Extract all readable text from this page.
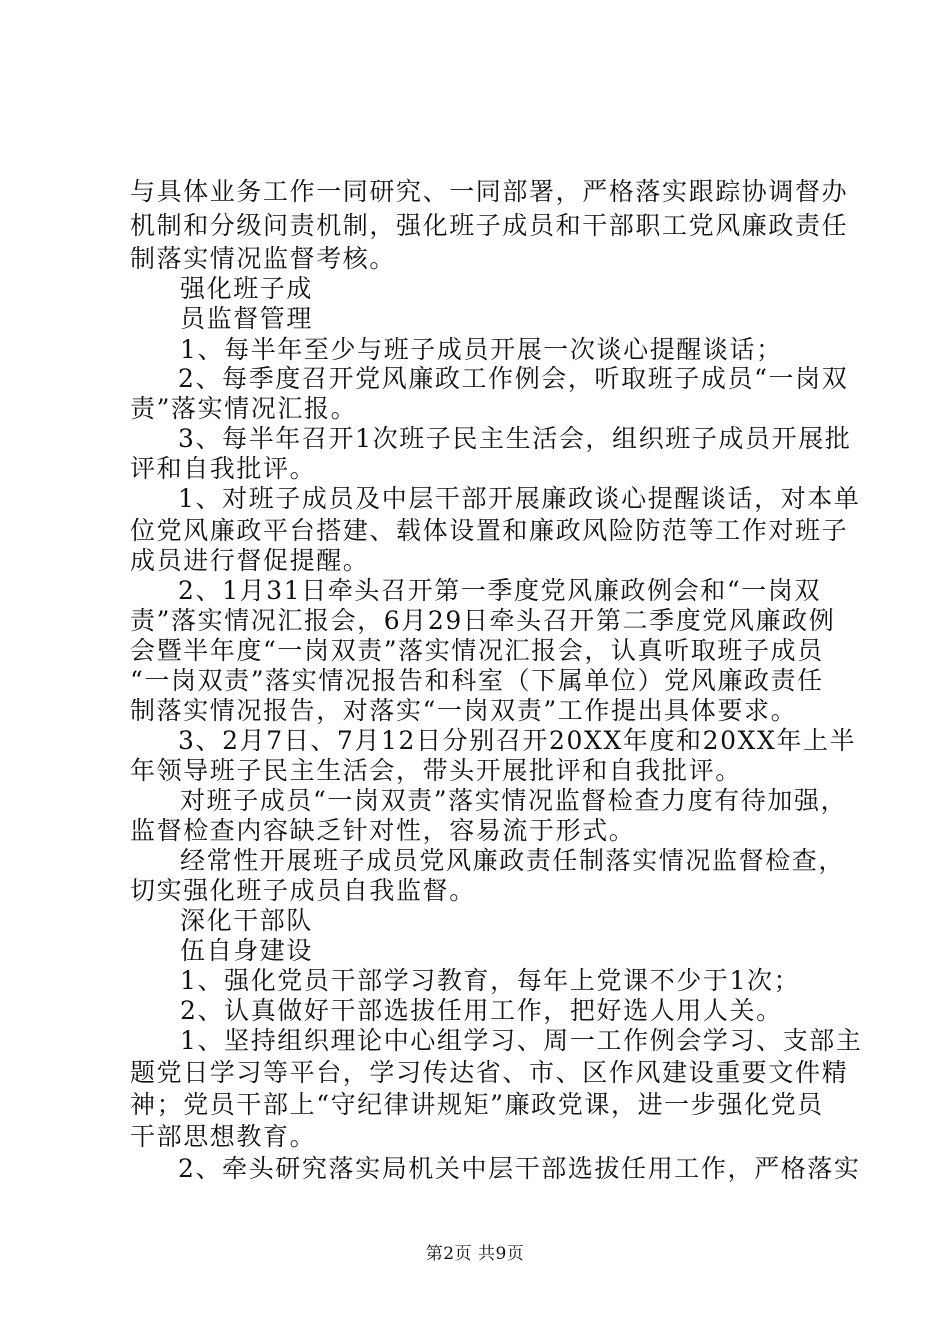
与具体业务工作一同研究、一同部署，严格落实跟踪协调督办
机制和分级问责机制，强化班子成员和干部职工党风廉政责任
制落实情况监督考核。
强化班子成
员监督管理
1、每半年至少与班子成员开展一次谈心提醒谈话；
2、每季度召开党风廉政工作例会，听取班子成员“一岗双
责”落实情况汇报。
3、每半年召开1次班子民主生活会，组织班子成员开展批
评和自我批评。
1、对班子成员及中层干部开展廉政谈心提醒谈话，对本单
位党风廉政平台搭建、载体设置和廉政风险防范等工作对班子
成员进行督促提醒。
2、1月31日牵头召开第一季度党风廉政例会和“一岗双
责”落实情况汇报会，6月29日牵头召开第二季度党风廉政例
会暨半年度“一岗双责”落实情况汇报会，认真听取班子成员
“一岗双责”落实情况报告和科室（下属单位）党风廉政责任
制落实情况报告，对落实“一岗双责”工作提出具体要求。
3、2月7日、7月12日分别召开20XX年度和20XX年上半
年领导班子民主生活会，带头开展批评和自我批评。
对班子成员“一岗双责”落实情况监督检查力度有待加强，
监督检查内容缺乏针对性，容易流于形式。
经常性开展班子成员党风廉政责任制落实情况监督检查，
切实强化班子成员自我监督。
深化干部队
伍自身建设
1、强化党员干部学习教育，每年上党课不少于1次；
2、认真做好干部选拔任用工作，把好选人用人关。
1、坚持组织理论中心组学习、周一工作例会学习、支部主
题党日学习等平台，学习传达省、市、区作风建设重要文件精
神；党员干部上“守纪律讲规矩”廉政党课，进一步强化党员
干部思想教育。
2、牵头研究落实局机关中层干部选拔任用工作，严格落实
第2页 共9页
